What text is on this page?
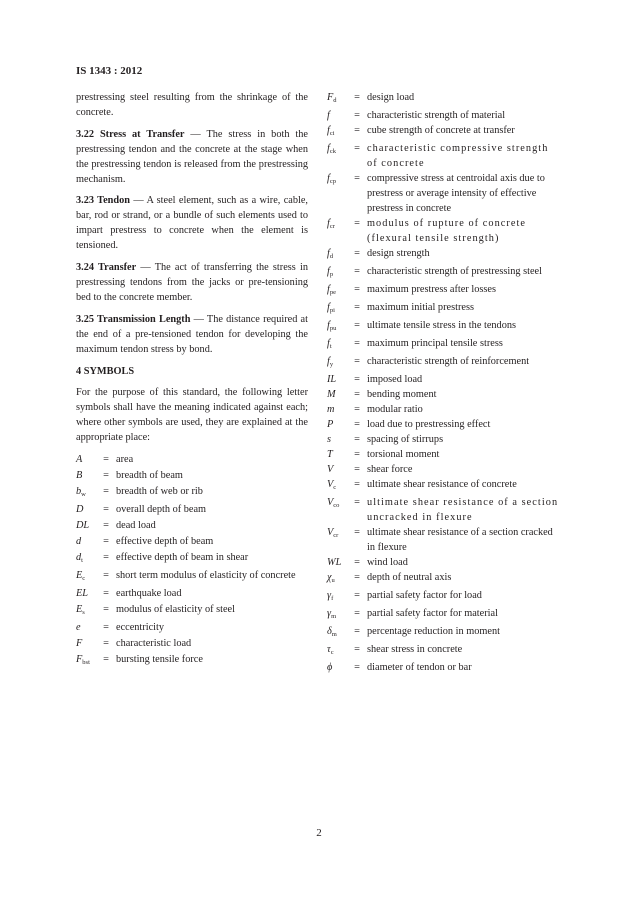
IS 1343 : 2012

prestressing steel resulting from the shrinkage of the concrete.

3.22 Stress at Transfer — The stress in both the prestressing tendon and the concrete at the stage when the prestressing tendon is released from the prestressing mechanism.

3.23 Tendon — A steel element, such as a wire, cable, bar, rod or strand, or a bundle of such elements used to impart prestress to concrete when the element is tensioned.

3.24 Transfer — The act of transferring the stress in prestressing tendons from the jacks or pre-tensioning bed to the concrete member.

3.25 Transmission Length — The distance required at the end of a pre-tensioned tendon for developing the maximum tendon stress by bond.

4 SYMBOLS

For the purpose of this standard, the following letter symbols shall have the meaning indicated against each; where other symbols are used, they are explained at the appropriate place:

A	= area
B	= breadth of beam
$b_w$	= breadth of web or rib
D	= overall depth of beam
DL	= dead load
d	= effective depth of beam
$d_t$	= effective depth of beam in shear
$E_c$	= short term modulus of elasticity of concrete
EL	= earthquake load
$E_s$	= modulus of elasticity of steel
e	= eccentricity
F	= characteristic load
$F_{bst}$	= bursting tensile force
$F_d$	= design load
f	= characteristic strength of material
$f_{ci}$	= cube strength of concrete at transfer
$f_{ck}$	= characteristic compressive strength of concrete
$f_{cp}$	= compressive stress at centroidal axis due to prestress or average intensity of effective prestress in concrete
$f_{cr}$	= modulus of rupture of concrete (flexural tensile strength)
$f_d$	= design strength
$f_p$	= characteristic strength of prestressing steel
$f_{pe}$	= maximum prestress after losses
$f_{pi}$	= maximum initial prestress
$f_{pu}$	= ultimate tensile stress in the tendons
$f_t$	= maximum principal tensile stress
$f_y$	= characteristic strength of reinforcement
IL	= imposed load
M	= bending moment
m	= modular ratio
P	= load due to prestressing effect
s	= spacing of stirrups
T	= torsional moment
V	= shear force
$V_c$	= ultimate shear resistance of concrete
$V_{co}$	= ultimate shear resistance of a section uncracked in flexure
$V_{cr}$	= ultimate shear resistance of a section cracked in flexure
WL	= wind load
$\chi_u$	= depth of neutral axis
$\gamma_f$	= partial safety factor for load
$\gamma_m$	= partial safety factor for material
$\delta_m$	= percentage reduction in moment
$\tau_c$	= shear stress in concrete
ϕ	= diameter of tendon or bar
2
